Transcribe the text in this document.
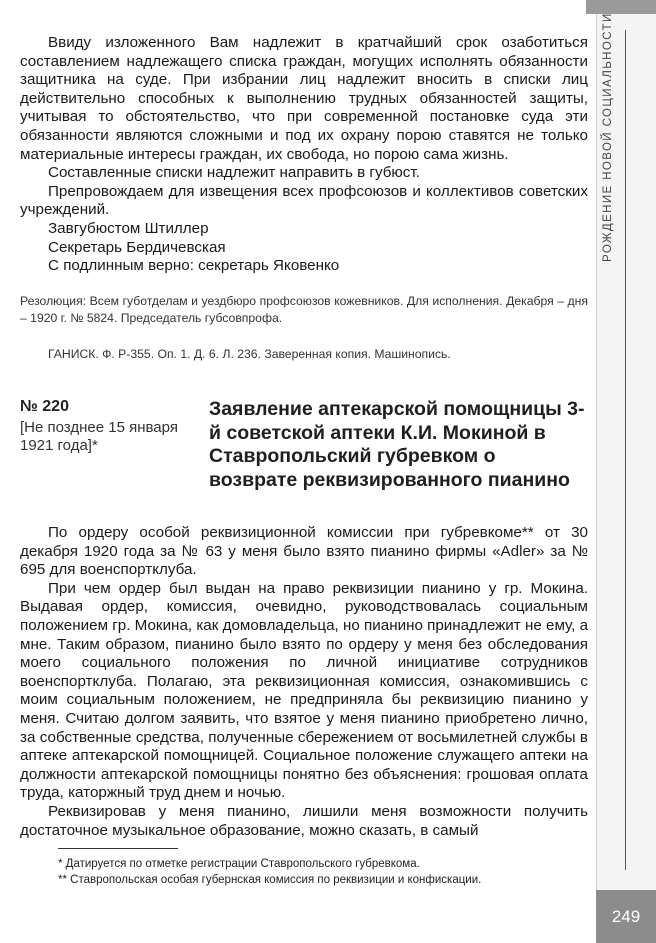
РОЖДЕНИЕ НОВОЙ СОЦИАЛЬНОСТИ
249

Ввиду изложенного Вам надлежит в кратчайший срок озаботиться составлением надлежащего списка граждан, могущих исполнять обязанности защитника на суде. При избрании лиц надлежит вносить в списки лиц действительно способных к выполнению трудных обязанностей защиты, учитывая то обстоятельство, что при современной постановке суда эти обязанности являются сложными и под их охрану порою ставятся не только материальные интересы граждан, их свобода, но порою сама жизнь.

Составленные списки надлежит направить в губюст.

Препровождаем для извещения всех профсоюзов и коллективов советских учреждений.

Завгубюстом Штиллер
Секретарь Бердичевская
С подлинным верно: секретарь Яковенко

Резолюция: Всем губотделам и уездбюро профсоюзов кожевников. Для исполнения. Декабря – дня – 1920 г. № 5824. Председатель губсовпрофа.

ГАНИСК. Ф. Р-355. Оп. 1. Д. 6. Л. 236. Заверенная копия. Машинопись.
№ 220
[Не позднее 15 января 1921 года]*
Заявление аптекарской помощницы 3-й советской аптеки К.И. Мокиной в Ставропольский губревком о возврате реквизированного пианино

По ордеру особой реквизиционной комиссии при губревкоме** от 30 декабря 1920 года за № 63 у меня было взято пианино фирмы «Adler» за № 695 для военспортклуба.

При чем ордер был выдан на право реквизиции пианино у гр. Мокина. Выдавая ордер, комиссия, очевидно, руководствовалась социальным положением гр. Мокина, как домовладельца, но пианино принадлежит не ему, а мне. Таким образом, пианино было взято по ордеру у меня без обследования моего социального положения по личной инициативе сотрудников военспортклуба. Полагаю, эта реквизиционная комиссия, ознакомившись с моим социальным положением, не предприняла бы реквизицию пианино у меня. Считаю долгом заявить, что взятое у меня пианино приобретено лично, за собственные средства, полученные сбережением от восьмилетней службы в аптеке аптекарской помощницей. Социальное положение служащего аптеки на должности аптекарской помощницы понятно без объяснения: грошовая оплата труда, каторжный труд днем и ночью.

Реквизировав у меня пианино, лишили меня возможности получить достаточное музыкальное образование, можно сказать, в самый

* Датируется по отметке регистрации Ставропольского губревкома.
** Ставропольская особая губернская комиссия по реквизиции и конфискации.
